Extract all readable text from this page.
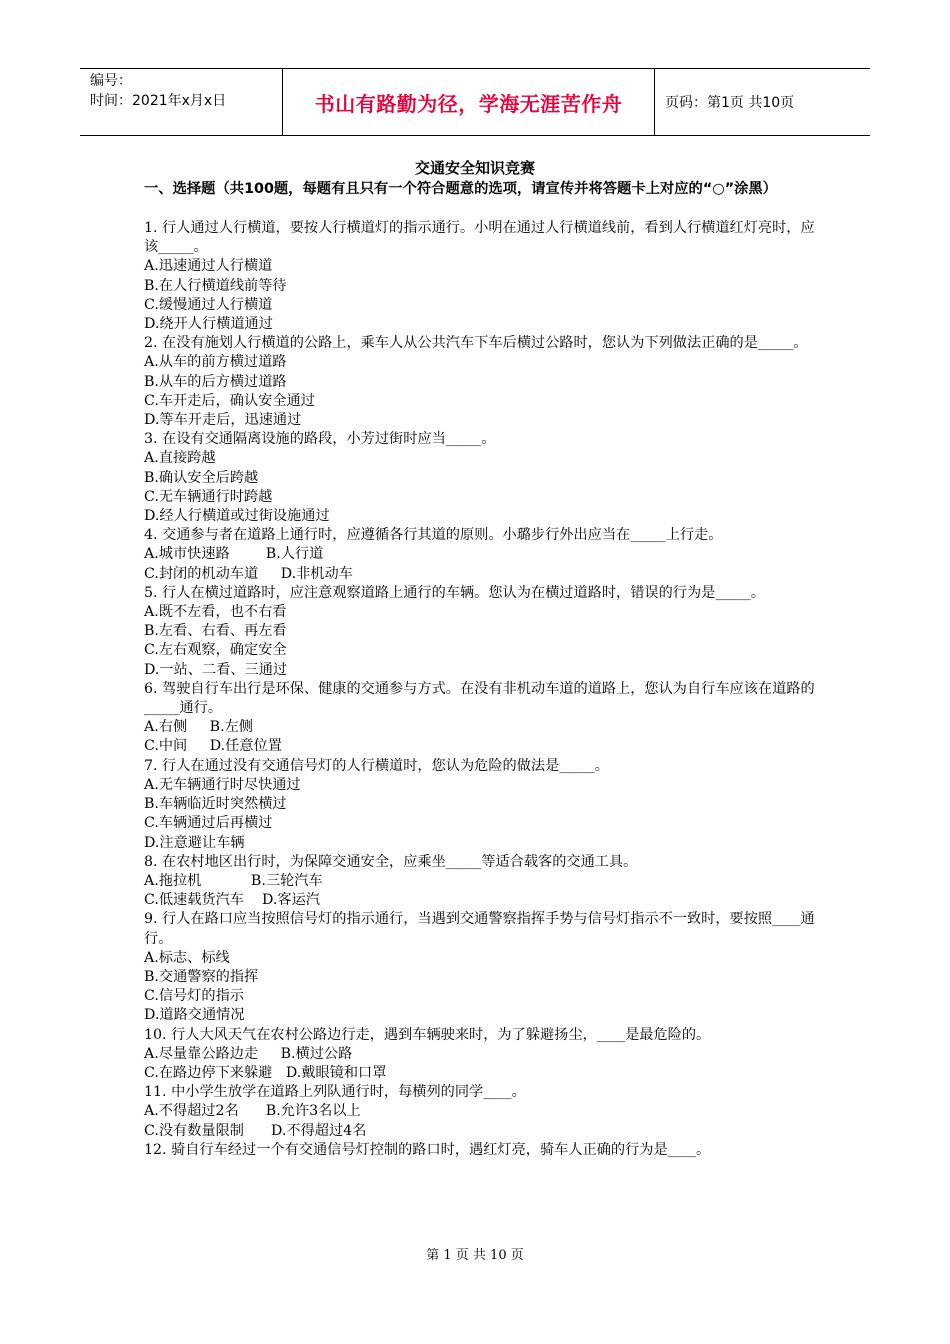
编号：
时间：2021年x月x日	书山有路勤为径，学海无涯苦作舟	页码：第1页 共10页
交通安全知识竞赛
一、选择题（共100题，每题有且只有一个符合题意的选项，请宣传并将答题卡上对应的“○”涂黑）

1. 行人通过人行横道，要按人行横道灯的指示通行。小明在通过人行横道线前，看到人行横道红灯亮时，应该_____。

A.迅速通过人行横道

B.在人行横道线前等待

C.缓慢通过人行横道

D.绕开人行横道通过

2. 在没有施划人行横道的公路上，乘车人从公共汽车下车后横过公路时，您认为下列做法正确的是_____。

A.从车的前方横过道路

B.从车的后方横过道路

C.车开走后，确认安全通过

D.等车开走后，迅速通过

3. 在设有交通隔离设施的路段，小芳过街时应当_____。

A.直接跨越

B.确认安全后跨越

C.无车辆通行时跨越

D.经人行横道或过街设施通过

4. 交通参与者在道路上通行时，应遵循各行其道的原则。小璐步行外出应当在_____上行走。

A.城市快速路        B.人行道

C.封闭的机动车道     D.非机动车

5. 行人在横过道路时，应注意观察道路上通行的车辆。您认为在横过道路时，错误的行为是_____。

A.既不左看，也不右看

B.左看、右看、再左看

C.左右观察，确定安全

D.一站、二看、三通过

6. 驾驶自行车出行是环保、健康的交通参与方式。在没有非机动车道的道路上，您认为自行车应该在道路的_____通行。

A.右侧     B.左侧

C.中间     D.任意位置

7. 行人在通过没有交通信号灯的人行横道时，您认为危险的做法是_____。

A.无车辆通行时尽快通过

B.车辆临近时突然横过

C.车辆通过后再横过

D.注意避让车辆

8. 在农村地区出行时，为保障交通安全，应乘坐_____等适合载客的交通工具。

A.拖拉机           B.三轮汽车

C.低速载货汽车    D.客运汽

9. 行人在路口应当按照信号灯的指示通行，当遇到交通警察指挥手势与信号灯指示不一致时，要按照____通行。

A.标志、标线

B.交通警察的指挥

C.信号灯的指示

D.道路交通情况

10. 行人大风天气在农村公路边行走，遇到车辆驶来时，为了躲避扬尘，____是最危险的。

A.尽量靠公路边走     B.横过公路

C.在路边停下来躲避   D.戴眼镜和口罩

11. 中小学生放学在道路上列队通行时，每横列的同学____。

A.不得超过2名      B.允许3名以上

C.没有数量限制      D.不得超过4名

12. 骑自行车经过一个有交通信号灯控制的路口时，遇红灯亮，骑车人正确的行为是____。

第 1 页 共 10 页
